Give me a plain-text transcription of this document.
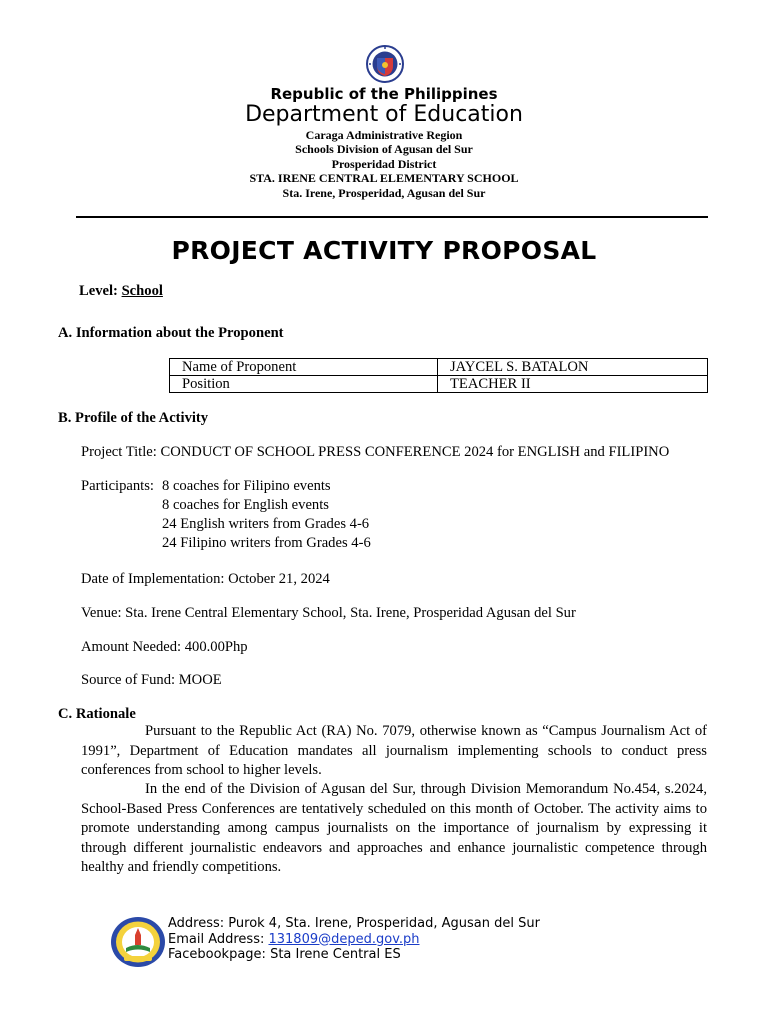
Republic of the Philippines
Department of Education
Caraga Administrative Region
Schools Division of Agusan del Sur
Prosperidad District
STA. IRENE CENTRAL ELEMENTARY SCHOOL
Sta. Irene, Prosperidad, Agusan del Sur
PROJECT ACTIVITY PROPOSAL
Level: School
A. Information about the Proponent
Name of Proponent	JAYCEL S. BATALON
Position	TEACHER II
B. Profile of the Activity
Project Title: CONDUCT OF SCHOOL PRESS CONFERENCE 2024 for ENGLISH and FILIPINO
Participants: 8 coaches for Filipino events
8 coaches for English events
24 English writers from Grades 4-6
24 Filipino writers from Grades 4-6
Date of Implementation: October 21, 2024
Venue: Sta. Irene Central Elementary School, Sta. Irene, Prosperidad Agusan del Sur
Amount Needed: 400.00Php
Source of Fund: MOOE
C. Rationale
Pursuant to the Republic Act (RA) No. 7079, otherwise known as “Campus Journalism Act of 1991”, Department of Education mandates all journalism implementing schools to conduct press conferences from school to higher levels.
In the end of the Division of Agusan del Sur, through Division Memorandum No.454, s.2024, School-Based Press Conferences are tentatively scheduled on this month of October. The activity aims to promote understanding among campus journalists on the importance of journalism by expressing it through different journalistic endeavors and approaches and enhance journalistic competence through healthy and friendly competitions.
Address: Purok 4, Sta. Irene, Prosperidad, Agusan del Sur
Email Address: 131809@deped.gov.ph
Facebookpage: Sta Irene Central ES
